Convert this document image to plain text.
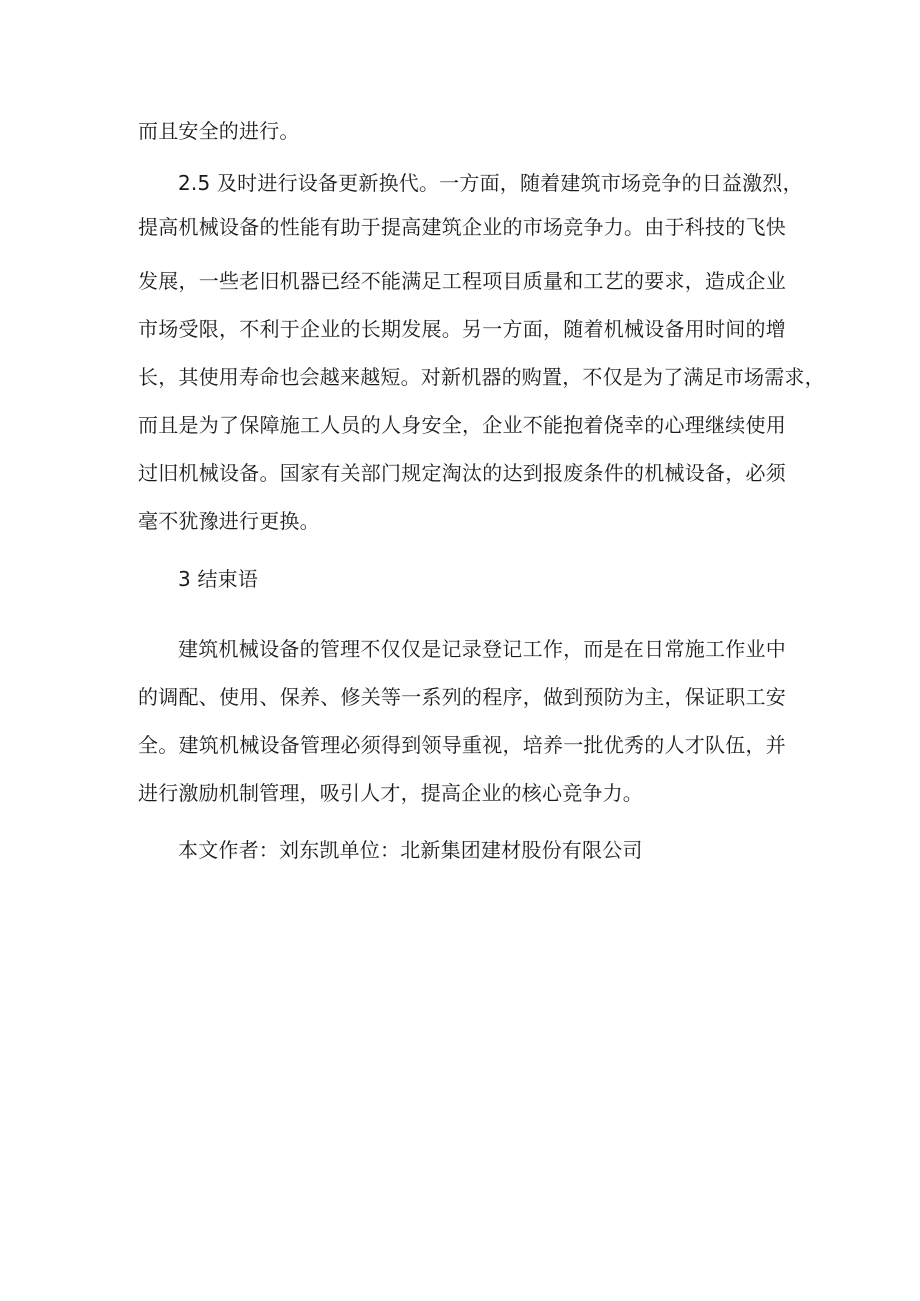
而且安全的进行。
2.5 及时进行设备更新换代。一方面，随着建筑市场竞争的日益激烈，
提高机械设备的性能有助于提高建筑企业的市场竞争力。由于科技的飞快
发展，一些老旧机器已经不能满足工程项目质量和工艺的要求，造成企业
市场受限，不利于企业的长期发展。另一方面，随着机械设备用时间的增
长，其使用寿命也会越来越短。对新机器的购置，不仅是为了满足市场需求，
而且是为了保障施工人员的人身安全，企业不能抱着侥幸的心理继续使用
过旧机械设备。国家有关部门规定淘汰的达到报废条件的机械设备，必须
毫不犹豫进行更换。
3 结束语
建筑机械设备的管理不仅仅是记录登记工作，而是在日常施工作业中
的调配、使用、保养、修关等一系列的程序，做到预防为主，保证职工安
全。建筑机械设备管理必须得到领导重视，培养一批优秀的人才队伍，并
进行激励机制管理，吸引人才，提高企业的核心竞争力。
本文作者：刘东凯单位：北新集团建材股份有限公司
